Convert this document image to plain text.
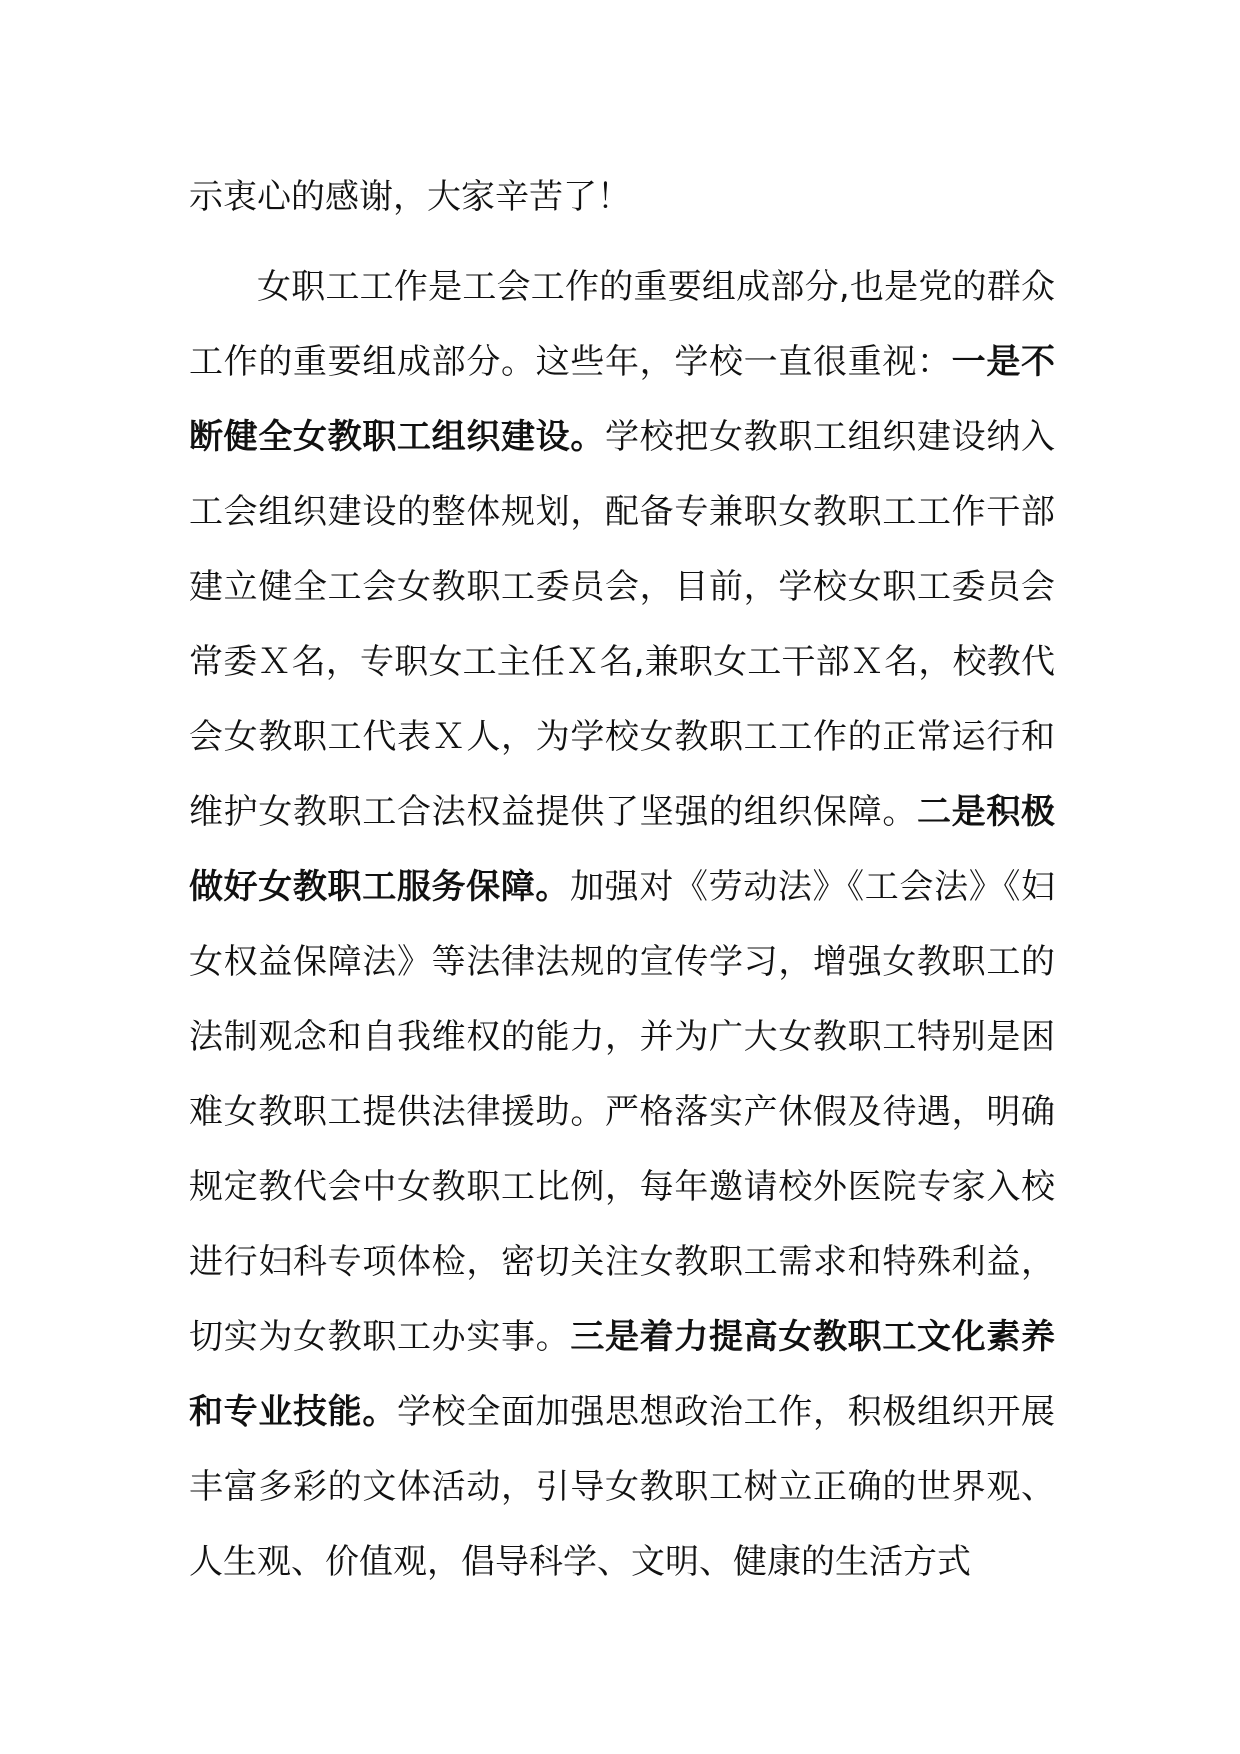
示衷心的感谢，大家辛苦了！

女职工工作是工会工作的重要组成部分,也是党的群众工作的重要组成部分。这些年，学校一直很重视：一是不断健全女教职工组织建设。学校把女教职工组织建设纳入工会组织建设的整体规划，配备专兼职女教职工工作干部建立健全工会女教职工委员会，目前，学校女职工委员会常委Ｘ名，专职女工主任Ｘ名,兼职女工干部Ｘ名，校教代会女教职工代表Ｘ人，为学校女教职工工作的正常运行和维护女教职工合法权益提供了坚强的组织保障。二是积极做好女教职工服务保障。加强对《劳动法》《工会法》《妇女权益保障法》等法律法规的宣传学习，增强女教职工的法制观念和自我维权的能力，并为广大女教职工特别是困难女教职工提供法律援助。严格落实产休假及待遇，明确规定教代会中女教职工比例，每年邀请校外医院专家入校进行妇科专项体检，密切关注女教职工需求和特殊利益，切实为女教职工办实事。三是着力提高女教职工文化素养和专业技能。学校全面加强思想政治工作，积极组织开展丰富多彩的文体活动，引导女教职工树立正确的世界观、人生观、价值观，倡导科学、文明、健康的生活方式
